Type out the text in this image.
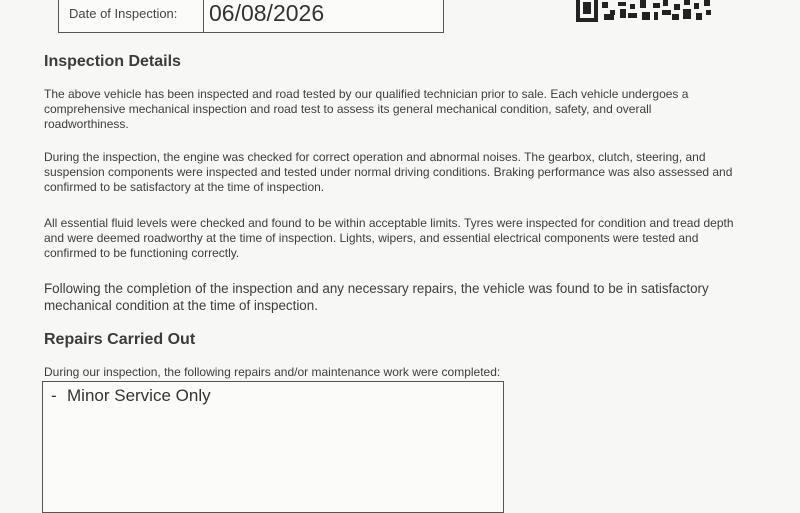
Date of Inspection:	06/08/2026
Inspection Details

The above vehicle has been inspected and road tested by our qualified technician prior to sale. Each vehicle undergoes a comprehensive mechanical inspection and road test to assess its general mechanical condition, safety, and overall roadworthiness.

During the inspection, the engine was checked for correct operation and abnormal noises. The gearbox, clutch, steering, and suspension components were inspected and tested under normal driving conditions. Braking performance was also assessed and confirmed to be satisfactory at the time of inspection.

All essential fluid levels were checked and found to be within acceptable limits. Tyres were inspected for condition and tread depth and were deemed roadworthy at the time of inspection. Lights, wipers, and essential electrical components were tested and confirmed to be functioning correctly.

Following the completion of the inspection and any necessary repairs, the vehicle was found to be in satisfactory mechanical condition at the time of inspection.

Repairs Carried Out

During our inspection, the following repairs and/or maintenance work were completed:

- Minor Service Only
